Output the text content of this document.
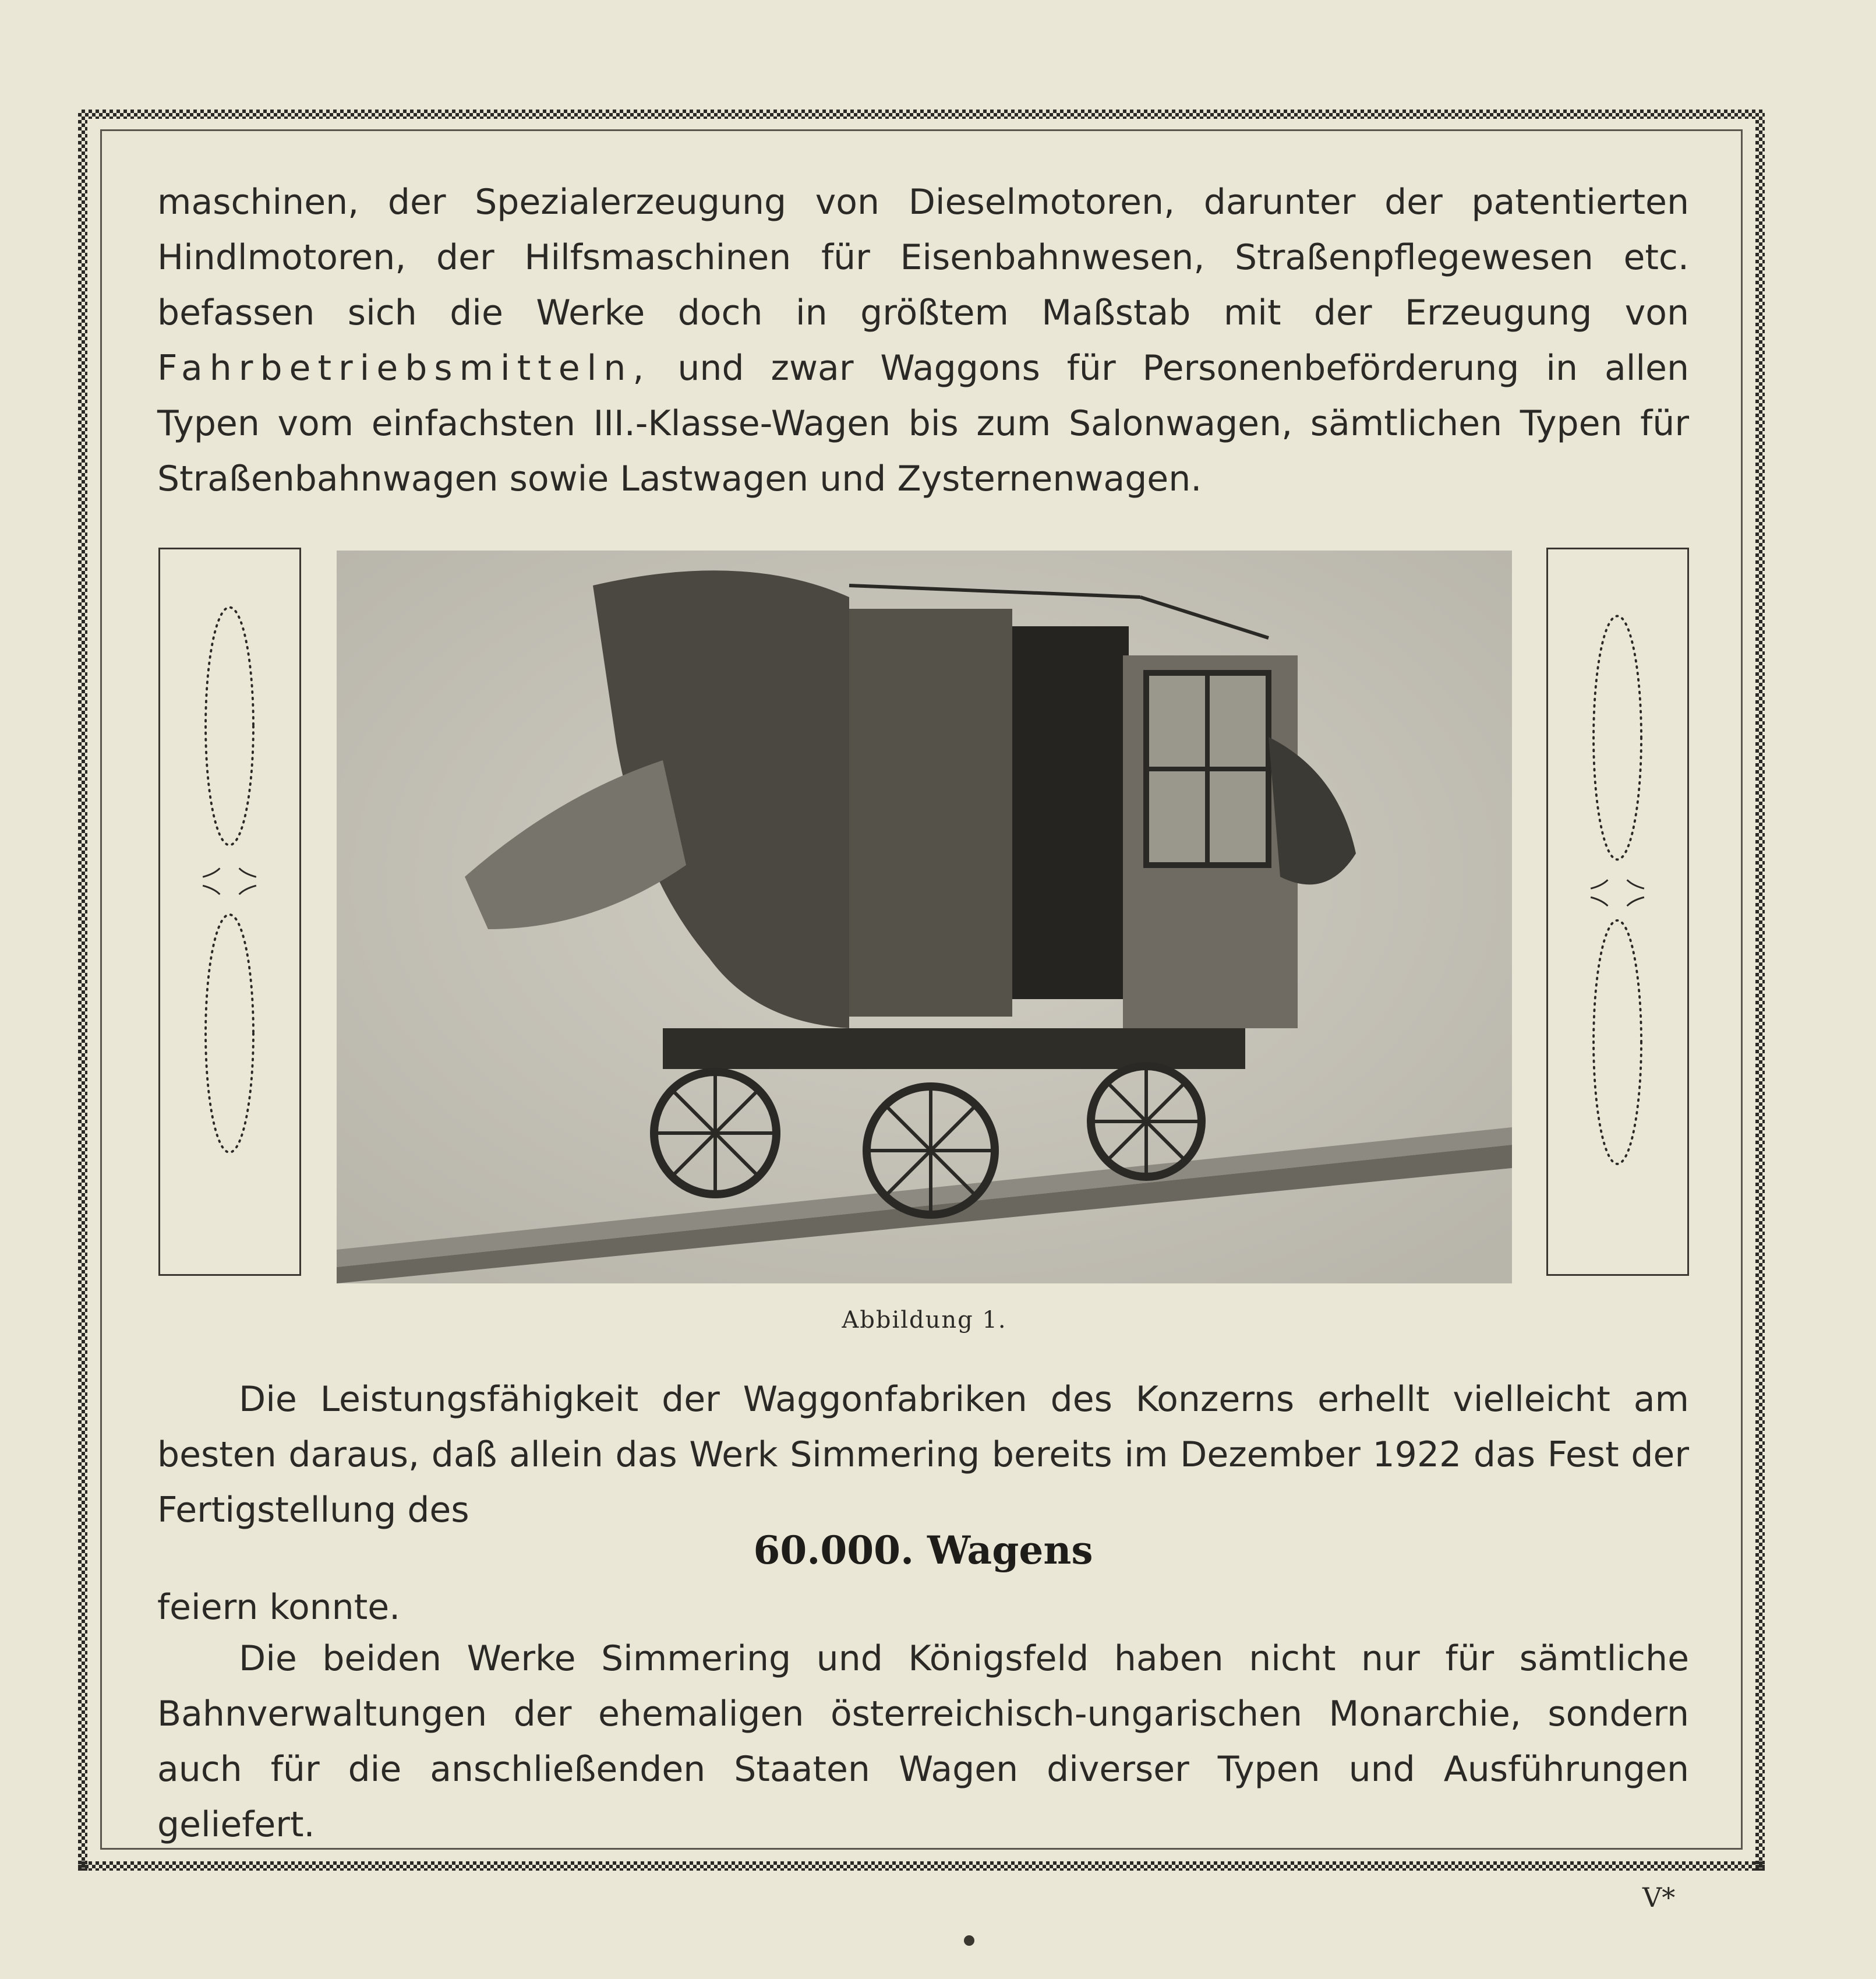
maschinen, der Spezialerzeugung von Dieselmotoren, darunter der patentierten Hindlmotoren, der Hilfsmaschinen für Eisenbahnwesen, Straßenpflegewesen etc. befassen sich die Werke doch in größtem Maßstab mit der Erzeugung von Fahrbetriebsmitteln, und zwar Waggons für Personenbeförderung in allen Typen vom einfachsten III.-Klasse-Wagen bis zum Salonwagen, sämtlichen Typen für Straßenbahnwagen sowie Lastwagen und Zysternenwagen.

Abbildung 1.

Die Leistungsfähigkeit der Waggonfabriken des Konzerns erhellt vielleicht am besten daraus, daß allein das Werk Simmering bereits im Dezember 1922 das Fest der Fertigstellung des

60.000. Wagens

feiern konnte.

Die beiden Werke Simmering und Königsfeld haben nicht nur für sämtliche Bahnverwaltungen der ehemaligen österreichisch-ungarischen Monarchie, sondern auch für die anschließenden Staaten Wagen diverser Typen und Ausführungen geliefert.

V*
